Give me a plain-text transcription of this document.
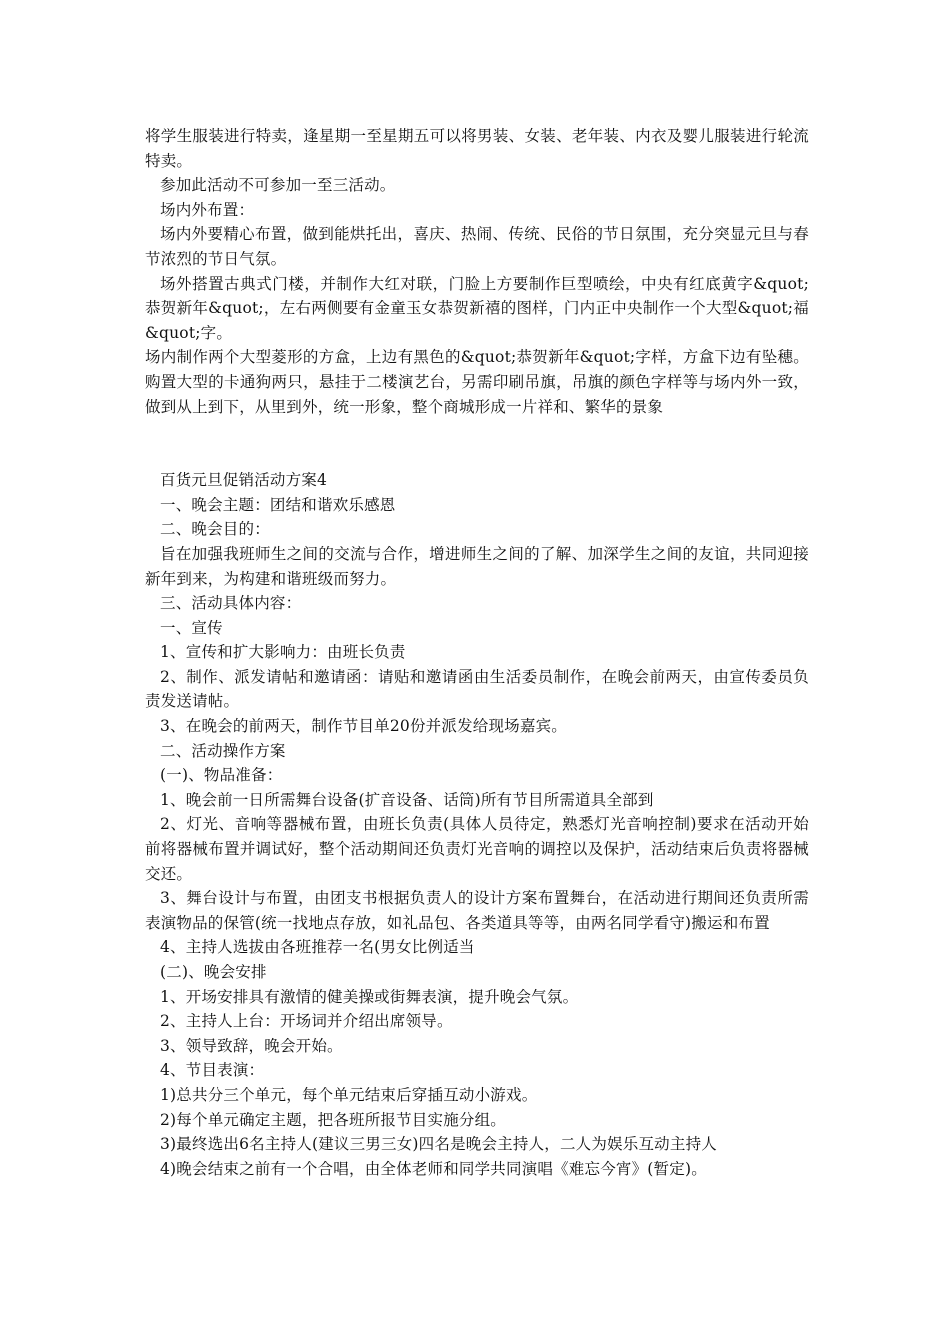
将学生服装进行特卖，逢星期一至星期五可以将男装、女装、老年装、内衣及婴儿服装进行轮流特卖。

参加此活动不可参加一至三活动。

场内外布置：

场内外要精心布置，做到能烘托出，喜庆、热闹、传统、民俗的节日氛围，充分突显元旦与春节浓烈的节日气氛。

场外搭置古典式门楼，并制作大红对联，门脸上方要制作巨型喷绘，中央有红底黄字&quot;恭贺新年&quot;，左右两侧要有金童玉女恭贺新禧的图样，门内正中央制作一个大型&quot;福&quot;字。

场内制作两个大型菱形的方盒，上边有黑色的&quot;恭贺新年&quot;字样，方盒下边有坠穗。购置大型的卡通狗两只，悬挂于二楼演艺台，另需印刷吊旗，吊旗的颜色字样等与场内外一致，做到从上到下，从里到外，统一形象，整个商城形成一片祥和、繁华的景象

百货元旦促销活动方案4

一、晚会主题：团结和谐欢乐感恩

二、晚会目的：

旨在加强我班师生之间的交流与合作，增进师生之间的了解、加深学生之间的友谊，共同迎接新年到来，为构建和谐班级而努力。

三、活动具体内容：

一、宣传

1、宣传和扩大影响力：由班长负责

2、制作、派发请帖和邀请函：请贴和邀请函由生活委员制作，在晚会前两天，由宣传委员负责发送请帖。

3、在晚会的前两天，制作节目单20份并派发给现场嘉宾。

二、活动操作方案

(一)、物品准备：

1、晚会前一日所需舞台设备(扩音设备、话筒)所有节目所需道具全部到

2、灯光、音响等器械布置，由班长负责(具体人员待定，熟悉灯光音响控制)要求在活动开始前将器械布置并调试好，整个活动期间还负责灯光音响的调控以及保护，活动结束后负责将器械交还。

3、舞台设计与布置，由团支书根据负责人的设计方案布置舞台，在活动进行期间还负责所需表演物品的保管(统一找地点存放，如礼品包、各类道具等等，由两名同学看守)搬运和布置

4、主持人选拔由各班推荐一名(男女比例适当

(二)、晚会安排

1、开场安排具有激情的健美操或街舞表演，提升晚会气氛。

2、主持人上台：开场词并介绍出席领导。

3、领导致辞，晚会开始。

4、节目表演：

1)总共分三个单元，每个单元结束后穿插互动小游戏。

2)每个单元确定主题，把各班所报节目实施分组。

3)最终选出6名主持人(建议三男三女)四名是晚会主持人，二人为娱乐互动主持人

4)晚会结束之前有一个合唱，由全体老师和同学共同演唱《难忘今宵》(暂定)。
